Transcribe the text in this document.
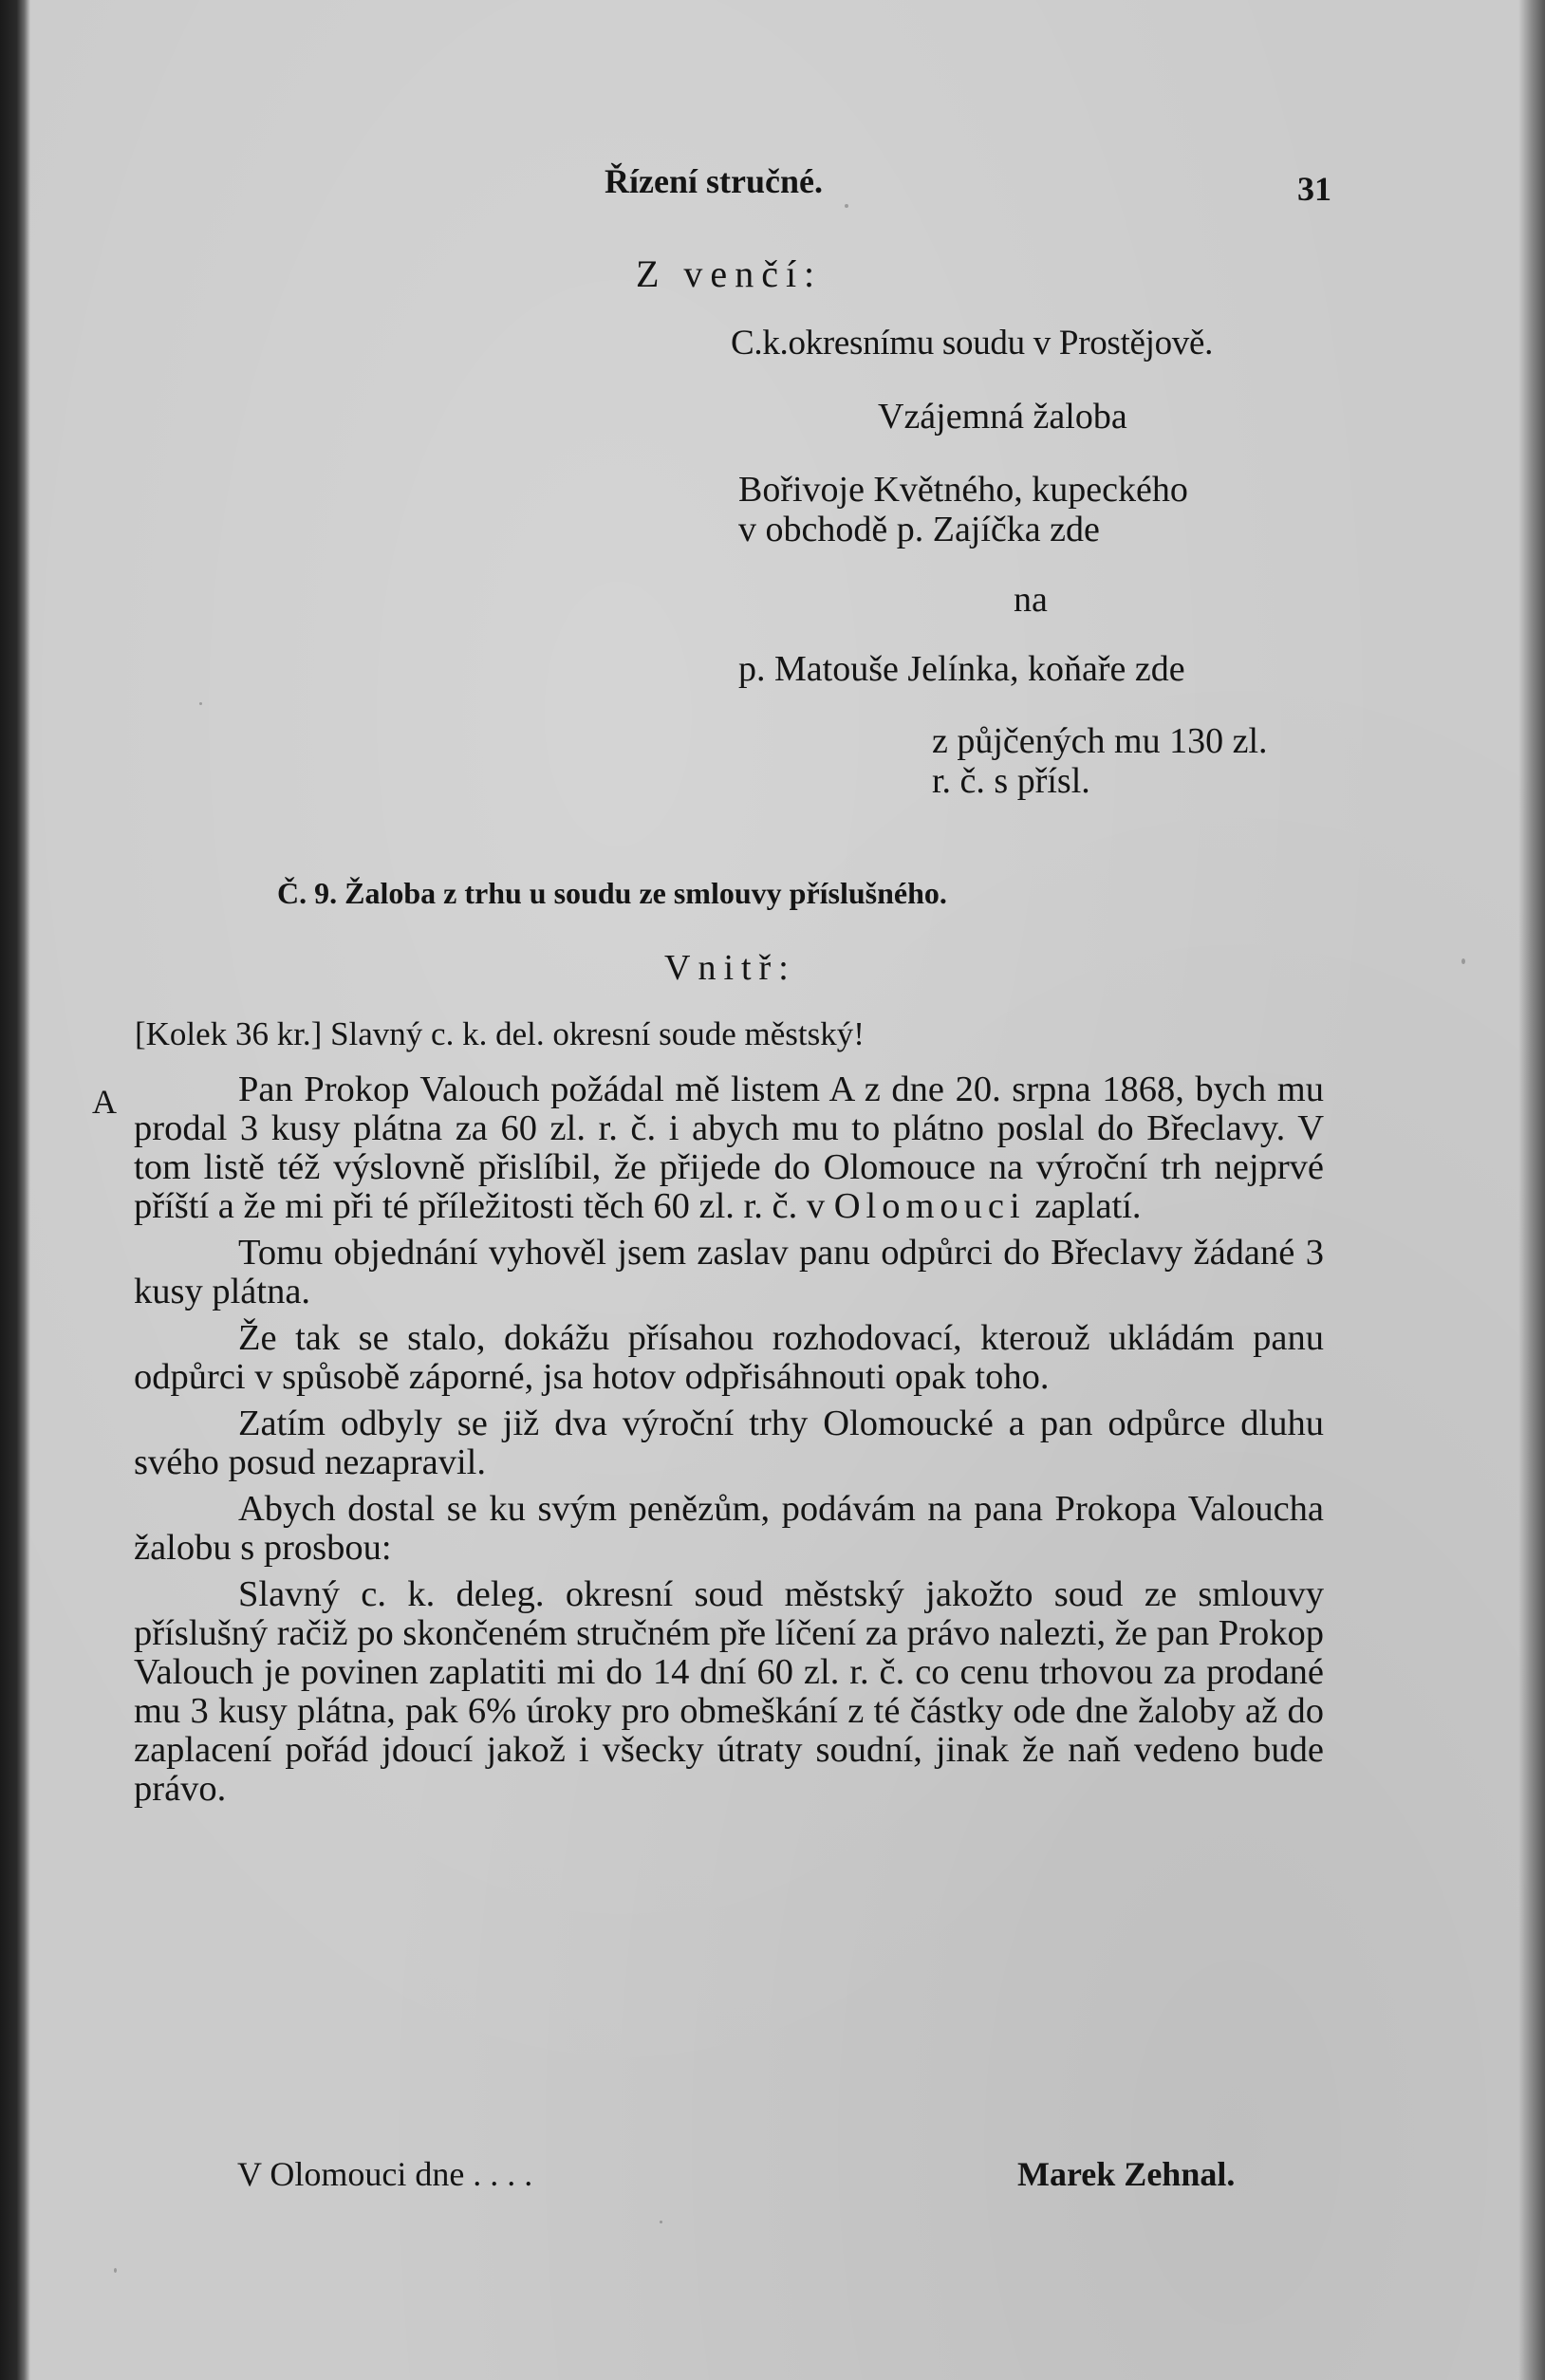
Řízení stručné.	31
Z venčí:
C.k.okresnímu soudu v Prostějově.
Vzájemná žaloba
Bořivoje Květného, kupeckého
v obchodě p. Zajíčka zde
na
p. Matouše Jelínka, koňaře zde
z půjčených mu 130 zl.
r. č. s přísl.
Č. 9. Žaloba z trhu u soudu ze smlouvy příslušného.
Vnitř:
[Kolek 36 kr.] Slavný c. k. del. okresní soude městský!
A	Pan Prokop Valouch požádal mě listem A z dne 20. srpna 1868, bych mu prodal 3 kusy plátna za 60 zl. r. č. i abych mu to plátno poslal do Břeclavy. V tom listě též výslovně přislíbil, že přijede do Olomouce na výroční trh nejprvé příští a že mi při té příležitosti těch 60 zl. r. č. v Olomouci zaplatí.

Tomu objednání vyhověl jsem zaslav panu odpůrci do Břeclavy žádané 3 kusy plátna.

Že tak se stalo, dokážu přísahou rozhodovací, kterouž ukládám panu odpůrci v spůsobě záporné, jsa hotov odpřisáhnouti opak toho.

Zatím odbyly se již dva výroční trhy Olomoucké a pan odpůrce dluhu svého posud nezapravil.

Abych dostal se ku svým penězům, podávám na pana Prokopa Valoucha žalobu s prosbou:

Slavný c. k. deleg. okresní soud městský jakožto soud ze smlouvy příslušný račiž po skončeném stručném pře líčení za právo nalezti, že pan Prokop Valouch je povinen zaplatiti mi do 14 dní 60 zl. r. č. co cenu trhovou za prodané mu 3 kusy plátna, pak 6% úroky pro obmeškání z té částky ode dne žaloby až do zaplacení pořád jdoucí jakož i všecky útraty soudní, jinak že naň vedeno bude právo.

V Olomouci dne . . . .	Marek Zehnal.
